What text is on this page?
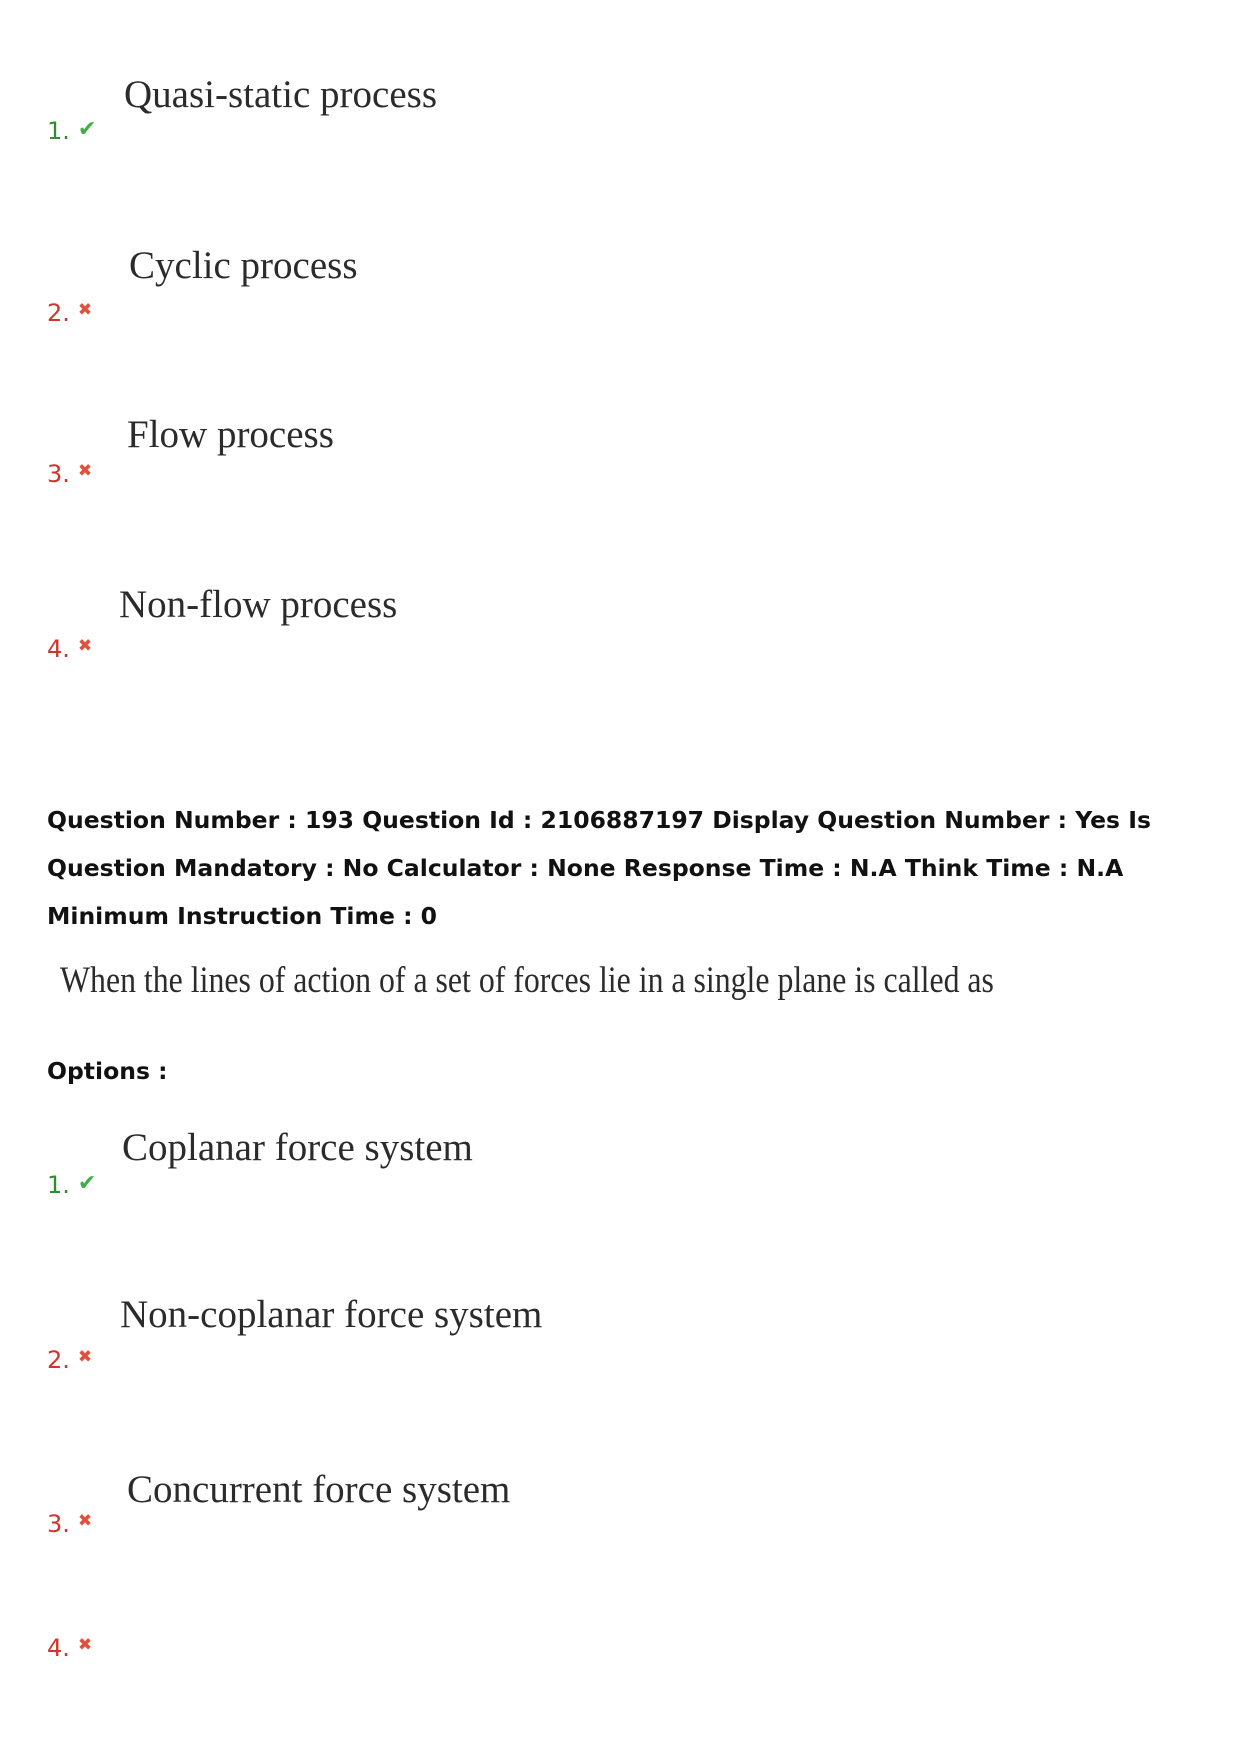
Quasi-static process
1. ✔
Cyclic process
2. ✖
Flow process
3. ✖
Non-flow process
4. ✖
Question Number : 193 Question Id : 2106887197 Display Question Number : Yes Is Question Mandatory : No Calculator : None Response Time : N.A Think Time : N.A Minimum Instruction Time : 0
When the lines of action of a set of forces lie in a single plane is called as
Options :
Coplanar force system
1. ✔
Non-coplanar force system
2. ✖
Concurrent force system
3. ✖
4. ✖
